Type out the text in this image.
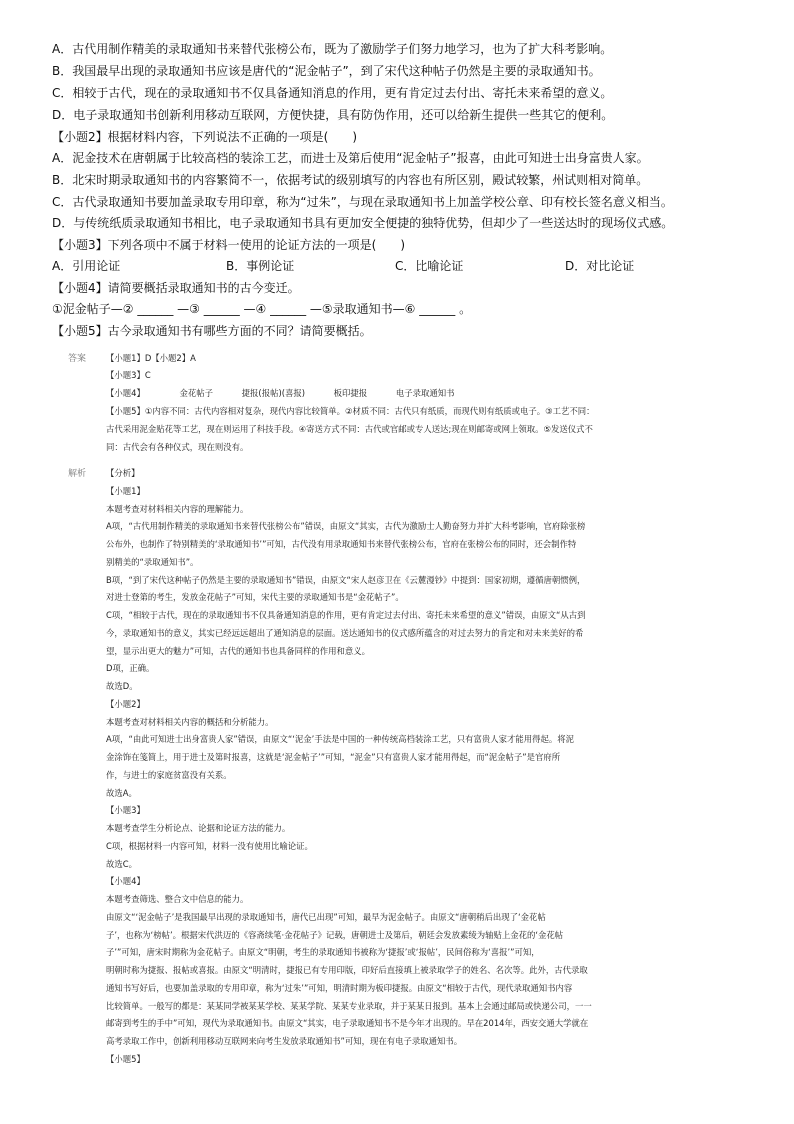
A．古代用制作精美的录取通知书来替代张榜公布，既为了激励学子们努力地学习，也为了扩大科考影响。
B．我国最早出现的录取通知书应该是唐代的“泥金帖子”，到了宋代这种帖子仍然是主要的录取通知书。
C．相较于古代，现在的录取通知书不仅具备通知消息的作用，更有肯定过去付出、寄托未来希望的意义。
D．电子录取通知书创新利用移动互联网，方便快捷，具有防伪作用，还可以给新生提供一些其它的便利。
【小题2】根据材料内容，下列说法不正确的一项是(　　)
A．泥金技术在唐朝属于比较高档的装涂工艺，而进士及第后使用“泥金帖子”报喜，由此可知进士出身富贵人家。
B．北宋时期录取通知书的内容繁简不一，依据考试的级别填写的内容也有所区别，殿试较繁，州试则相对简单。
C．古代录取通知书要加盖录取专用印章，称为“过朱”，与现在录取通知书上加盖学校公章、印有校长签名意义相当。
D．与传统纸质录取通知书相比，电子录取通知书具有更加安全便捷的独特优势，但却少了一些送达时的现场仪式感。
【小题3】下列各项中不属于材料一使用的论证方法的一项是(　　)
A．引用论证	B．事例论证	C．比喻论证	D．对比论证
【小题4】请简要概括录取通知书的古今变迁。
①泥金帖子—② ______ —③ ______ —④ ______ —⑤录取通知书—⑥ ______ 。
【小题5】古今录取通知书有哪些方面的不同？请简要概括。
答案 【小题1】D【小题2】A
【小题3】C
【小题4】	金花帖子	捷报(报帖)(喜报)	板印捷报	电子录取通知书
【小题5】①内容不同：古代内容相对复杂，现代内容比较简单。②材质不同：古代只有纸质，而现代则有纸质或电子。③工艺不同：
古代采用泥金贴花等工艺，现在则运用了科技手段。④寄送方式不同：古代或官邮或专人送达;现在则邮寄或网上领取。⑤发送仪式不
同：古代会有各种仪式，现在则没有。
解析 【分析】
【小题1】
本题考查对材料相关内容的理解能力。
A项，“古代用制作精美的录取通知书来替代张榜公布”错误，由原文“其实，古代为激励士人勤奋努力并扩大科考影响，官府除张榜
公布外，也制作了特别精美的‘录取通知书’”可知，古代没有用录取通知书来替代张榜公布，官府在张榜公布的同时，还会制作特
别精美的“录取通知书”。
B项，“到了宋代这种帖子仍然是主要的录取通知书”错误，由原文“宋人赵彦卫在《云麓漫钞》中提到：国家初期，遵循唐朝惯例，
对进士登第的考生，发放金花帖子”可知，宋代主要的录取通知书是“金花帖子”。
C项，“相较于古代，现在的录取通知书不仅具备通知消息的作用，更有肯定过去付出、寄托未来希望的意义”错误，由原文“从古到
今，录取通知书的意义，其实已经远远超出了通知消息的层面。送达通知书的仪式感所蕴含的对过去努力的肯定和对未来美好的希
望，显示出更大的魅力”可知，古代的通知书也具备同样的作用和意义。
D项，正确。
故选D。
【小题2】
本题考查对材料相关内容的概括和分析能力。
A项，“由此可知进士出身富贵人家”错误，由原文“‘泥金’手法是中国的一种传统高档装涂工艺，只有富贵人家才能用得起。将泥
金涂饰在笺简上，用于进士及第时报喜，这就是‘泥金帖子’”可知，“泥金”只有富贵人家才能用得起，而“泥金帖子”是官府所
作，与进士的家庭贫富没有关系。
故选A。
【小题3】
本题考查学生分析论点、论据和论证方法的能力。
C项，根据材料一内容可知，材料一没有使用比喻论证。
故选C。
【小题4】
本题考查筛选、整合文中信息的能力。
由原文“‘泥金帖子’是我国最早出现的录取通知书，唐代已出现”可知，最早为泥金帖子。由原文“唐朝稍后出现了‘金花帖
子’，也称为‘榜帖’。根据宋代洪迈的《容斋续笔·金花帖子》记载，唐朝进士及第后，朝廷会发放素绫为轴贴上金花的‘金花帖
子’”可知，唐宋时期称为金花帖子。由原文“明朝，考生的录取通知书被称为‘捷报’或‘报帖’，民间俗称为‘喜报’”可知，
明朝时称为捷报、报帖或喜报。由原文“明清时，捷报已有专用印版，印好后直接填上被录取学子的姓名、名次等。此外，古代录取
通知书写好后，也要加盖录取的专用印章，称为‘过朱’”可知，明清时期为板印捷报。由原文“相较于古代，现代录取通知书内容
比较简单。一般写的都是：某某同学被某某学校、某某学院、某某专业录取，并于某某日报到。基本上会通过邮局或快递公司，一一
邮寄到考生的手中”可知，现代为录取通知书。由原文“其实，电子录取通知书不是今年才出现的。早在2014年，西安交通大学就在
高考录取工作中，创新利用移动互联网来向考生发放录取通知书”可知，现在有电子录取通知书。
【小题5】
